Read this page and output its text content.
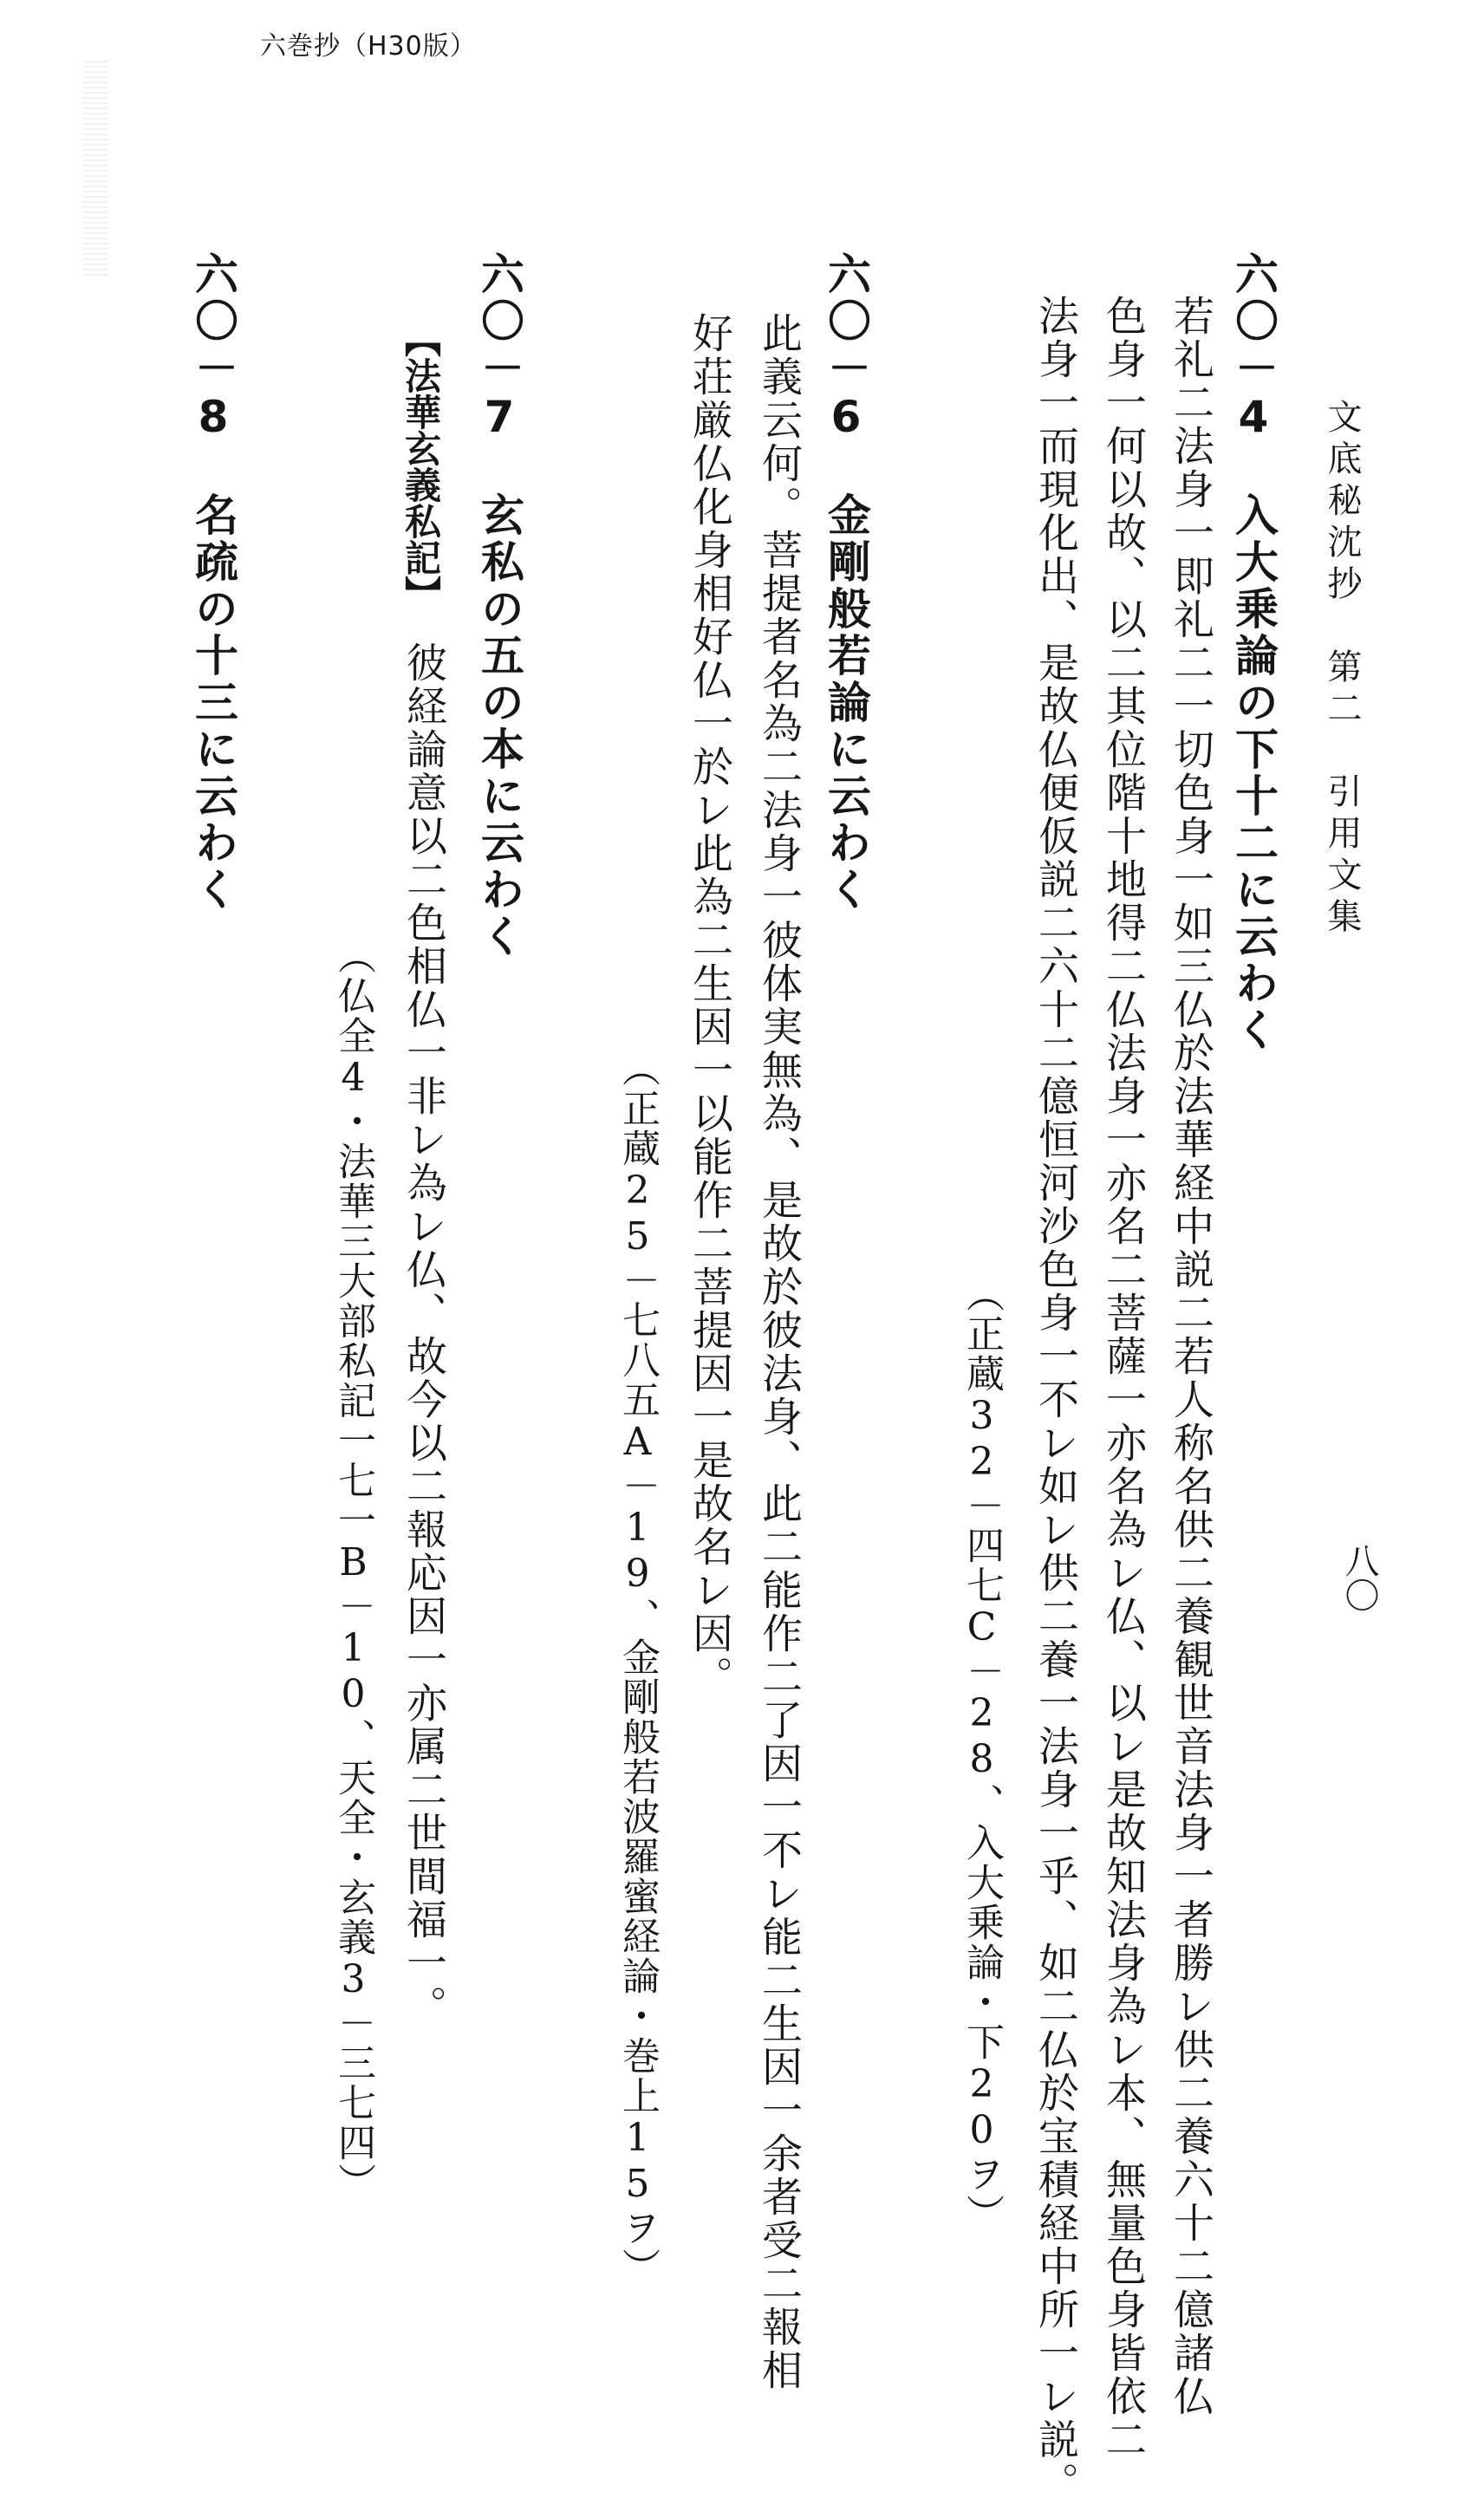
六巻抄（H30版）
文底秘沈抄　第二　引用文集
八〇
六〇－4　入大乗論の下十二に云わく
若礼二法身一即礼二一切色身一如三仏於法華経中説二若人称名供二養観世音法身一者勝レ供二養六十二億諸仏
色身一何以故、以二其位階十地得二仏法身一亦名二菩薩一亦名為レ仏、以レ是故知法身為レ本、無量色身皆依二
法身一而現化出、是故仏便仮説二六十二億恒河沙色身一不レ如レ供二養一法身一乎、如二仏於宝積経中所一レ説。
（正蔵32－四七C－28、入大乗論・下20ヲ）
六〇－6　金剛般若論に云わく
此義云何。菩提者名為二法身一彼体実無為、是故於彼法身、此二能作二了因一不レ能二生因一余者受二報相
好荘厳仏化身相好仏一於レ此為二生因一以能作二菩提因一是故名レ因。
（正蔵25－七八五A－19、金剛般若波羅蜜経論・巻上15ヲ）
六〇－7　玄私の五の本に云わく
【法華玄義私記】
彼経論意以二色相仏一非レ為レ仏、故今以二報応因一亦属二世間福一。
（仏全4・法華三大部私記一七一B－10、天全・玄義3－三七四）
六〇－8　名疏の十三に云わく
